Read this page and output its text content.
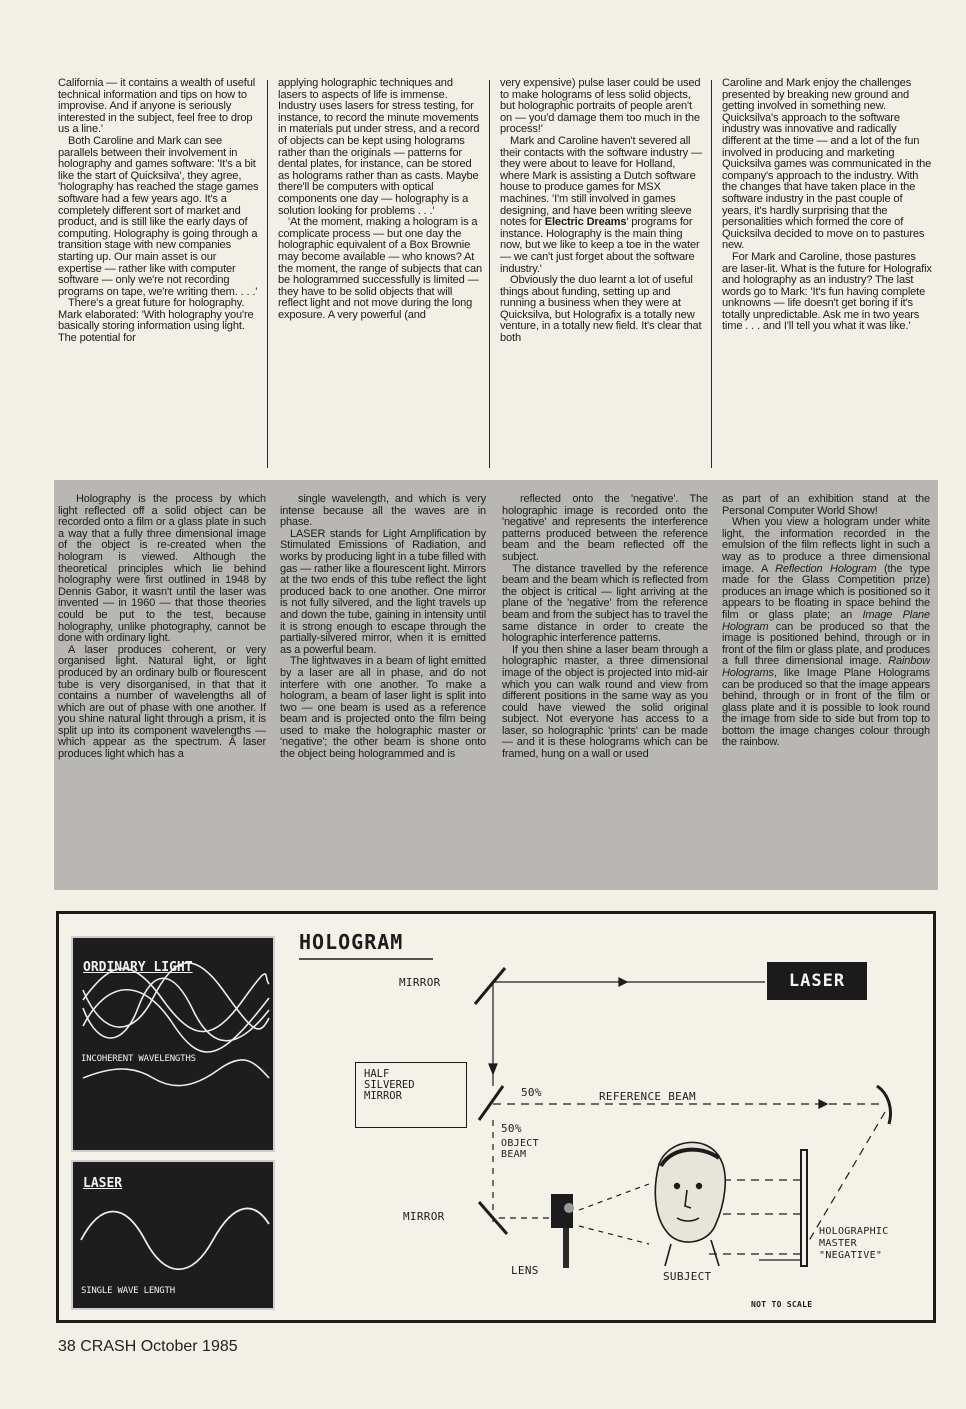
California — it contains a wealth of useful technical information and tips on how to improvise. And if anyone is seriously interested in the subject, feel free to drop us a line.'

Both Caroline and Mark can see parallels between their involvement in holography and games software: 'It's a bit like the start of Quicksilva', they agree, 'holography has reached the stage games software had a few years ago. It's a completely different sort of market and product, and is still like the early days of computing. Holography is going through a transition stage with new companies starting up. Our main asset is our expertise — rather like with computer software — only we're not recording programs on tape, we're writing them. . . .'

There's a great future for holography. Mark elaborated: 'With holography you're basically storing information using light. The potential for

applying holographic techniques and lasers to aspects of life is immense. Industry uses lasers for stress testing, for instance, to record the minute movements in materials put under stress, and a record of objects can be kept using holograms rather than the originals — patterns for dental plates, for instance, can be stored as holograms rather than as casts. Maybe there'll be computers with optical components one day — holography is a solution looking for problems . . .'

'At the moment, making a hologram is a complicate process — but one day the holographic equivalent of a Box Brownie may become available — who knows? At the moment, the range of subjects that can be hologrammed successfully is limited — they have to be solid objects that will reflect light and not move during the long exposure. A very powerful (and

very expensive) pulse laser could be used to make holograms of less solid objects, but holographic portraits of people aren't on — you'd damage them too much in the process!'

Mark and Caroline haven't severed all their contacts with the software industry — they were about to leave for Holland, where Mark is assisting a Dutch software house to produce games for MSX machines. 'I'm still involved in games designing, and have been writing sleeve notes for Electric Dreams' programs for instance. Holography is the main thing now, but we like to keep a toe in the water — we can't just forget about the software industry.'

Obviously the duo learnt a lot of useful things about funding, setting up and running a business when they were at Quicksilva, but Holografix is a totally new venture, in a totally new field. It's clear that both

Caroline and Mark enjoy the challenges presented by breaking new ground and getting involved in something new. Quicksilva's approach to the software industry was innovative and radically different at the time — and a lot of the fun involved in producing and marketing Quicksilva games was communicated in the company's approach to the industry. With the changes that have taken place in the software industry in the past couple of years, it's hardly surprising that the personalities which formed the core of Quicksilva decided to move on to pastures new.

For Mark and Caroline, those pastures are laser-lit. What is the future for Holografix and holography as an industry? The last words go to Mark: 'It's fun having complete unknowns — life doesn't get boring if it's totally unpredictable. Ask me in two years time . . . and I'll tell you what it was like.'

Holography is the process by which light reflected off a solid object can be recorded onto a film or a glass plate in such a way that a fully three dimensional image of the object is re-created when the hologram is viewed. Although the theoretical principles which lie behind holography were first outlined in 1948 by Dennis Gabor, it wasn't until the laser was invented — in 1960 — that those theories could be put to the test, because holography, unlike photography, cannot be done with ordinary light.

A laser produces coherent, or very organised light. Natural light, or light produced by an ordinary bulb or flourescent tube is very disorganised, in that that it contains a number of wavelengths all of which are out of phase with one another. If you shine natural light through a prism, it is split up into its component wavelengths — which appear as the spectrum. A laser produces light which has a

single wavelength, and which is very intense because all the waves are in phase.

LASER stands for Light Amplification by Stimulated Emissions of Radiation, and works by producing light in a tube filled with gas — rather like a flourescent light. Mirrors at the two ends of this tube reflect the light produced back to one another. One mirror is not fully silvered, and the light travels up and down the tube, gaining in intensity until it is strong enough to escape through the partially-silvered mirror, when it is emitted as a powerful beam.

The lightwaves in a beam of light emitted by a laser are all in phase, and do not interfere with one another. To make a hologram, a beam of laser light is split into two — one beam is used as a reference beam and is projected onto the film being used to make the holographic master or 'negative'; the other beam is shone onto the object being hologrammed and is

reflected onto the 'negative'. The holographic image is recorded onto the 'negative' and represents the interference patterns produced between the reference beam and the beam reflected off the subject.

The distance travelled by the reference beam and the beam which is reflected from the object is critical — light arriving at the plane of the 'negative' from the reference beam and from the subject has to travel the same distance in order to create the holographic interference patterns.

If you then shine a laser beam through a holographic master, a three dimensional image of the object is projected into mid-air which you can walk round and view from different positions in the same way as you could have viewed the solid original subject. Not everyone has access to a laser, so holographic 'prints' can be made — and it is these holograms which can be framed, hung on a wall or used

as part of an exhibition stand at the Personal Computer World Show!

When you view a hologram under white light, the information recorded in the emulsion of the film reflects light in such a way as to produce a three dimensional image. A Reflection Hologram (the type made for the Glass Competition prize) produces an image which is positioned so it appears to be floating in space behind the film or glass plate; an Image Plane Hologram can be produced so that the image is positioned behind, through or in front of the film or glass plate, and produces a full three dimensional image. Rainbow Holograms, like Image Plane Holograms can be produced so that the image appears behind, through or in front of the film or glass plate and it is possible to look round the image from side to side but from top to bottom the image changes colour through the rainbow.

ORDINARY LIGHT
INCOHERENT WAVELENGTHS
LASER
SINGLE WAVE LENGTH
HOLOGRAM
LASER
MIRROR
HALF
SILVERED
MIRROR	50%	REFERENCE BEAM
50%
OBJECT
BEAM
MIRROR
LENS	SUBJECT
HOLOGRAPHIC
MASTER
"NEGATIVE"
NOT TO SCALE
38 CRASH October 1985
